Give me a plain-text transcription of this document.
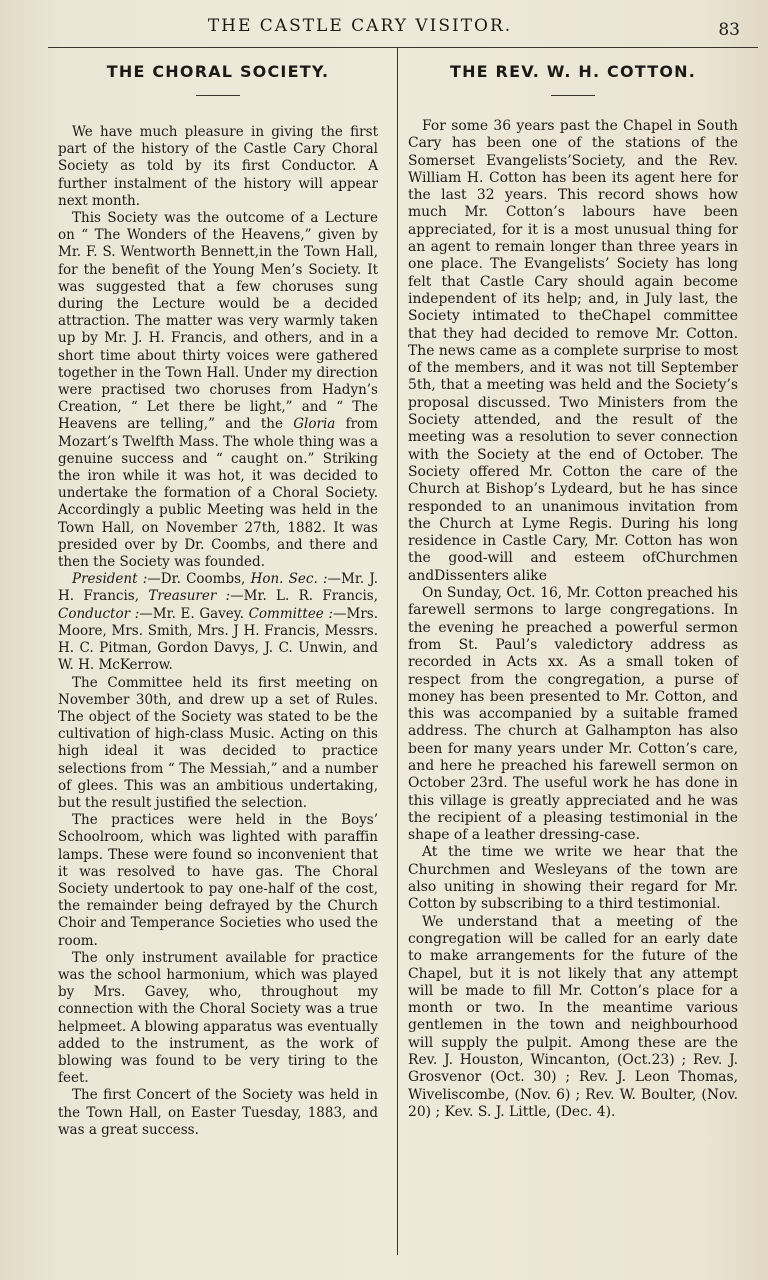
THE CASTLE CARY VISITOR.	83
THE CHORAL SOCIETY.

We have much pleasure in giving the first part of the history of the Castle Cary Choral Society as told by its first Conductor. A further instalment of the history will appear next month.

This Society was the outcome of a Lecture on “ The Wonders of the Heavens,” given by Mr. F. S. Wentworth Bennett,in the Town Hall, for the benefit of the Young Men’s Society. It was suggested that a few choruses sung during the Lecture would be a decided attraction. The matter was very warmly taken up by Mr. J. H. Francis, and others, and in a short time about thirty voices were gathered together in the Town Hall. Under my direction were practised two choruses from Hadyn’s Creation, “ Let there be light,” and “ The Heavens are telling,” and the Gloria from Mozart’s Twelfth Mass. The whole thing was a genuine success and “ caught on.” Striking the iron while it was hot, it was decided to undertake the formation of a Choral Society. Accordingly a public Meeting was held in the Town Hall, on November 27th, 1882. It was presided over by Dr. Coombs, and there and then the Society was founded.

President :—Dr. Coombs, Hon. Sec. :—Mr. J. H. Francis, Treasurer :—Mr. L. R. Francis, Conductor :—Mr. E. Gavey. Committee :—Mrs. Moore, Mrs. Smith, Mrs. J H. Francis, Messrs. H. C. Pitman, Gordon Davys, J. C. Unwin, and W. H. McKerrow.

The Committee held its first meeting on November 30th, and drew up a set of Rules. The object of the Society was stated to be the cultivation of high-class Music. Acting on this high ideal it was decided to practice selections from “ The Messiah,” and a number of glees. This was an ambitious undertaking, but the result justified the selection.

The practices were held in the Boys’ Schoolroom, which was lighted with paraffin lamps. These were found so inconvenient that it was resolved to have gas. The Choral Society undertook to pay one-half of the cost, the remainder being defrayed by the Church Choir and Temperance Societies who used the room.

The only instrument available for practice was the school harmonium, which was played by Mrs. Gavey, who, throughout my connection with the Choral Society was a true helpmeet. A blowing apparatus was eventually added to the instrument, as the work of blowing was found to be very tiring to the feet.

The first Concert of the Society was held in the Town Hall, on Easter Tuesday, 1883, and was a great success.

THE REV. W. H. COTTON.

For some 36 years past the Chapel in South Cary has been one of the stations of the Somerset Evangelists’Society, and the Rev. William H. Cotton has been its agent here for the last 32 years. This record shows how much Mr. Cotton’s labours have been appreciated, for it is a most unusual thing for an agent to remain longer than three years in one place. The Evangelists’ Society has long felt that Castle Cary should again become independent of its help; and, in July last, the Society intimated to theChapel committee that they had decided to remove Mr. Cotton. The news came as a complete surprise to most of the members, and it was not till September 5th, that a meeting was held and the Society’s proposal discussed. Two Ministers from the Society attended, and the result of the meeting was a resolution to sever connection with the Society at the end of October. The Society offered Mr. Cotton the care of the Church at Bishop’s Lydeard, but he has since responded to an unanimous invitation from the Church at Lyme Regis. During his long residence in Castle Cary, Mr. Cotton has won the good-will and esteem ofChurchmen andDissenters alike

On Sunday, Oct. 16, Mr. Cotton preached his farewell sermons to large congregations. In the evening he preached a powerful sermon from St. Paul’s valedictory address as recorded in Acts xx. As a small token of respect from the congregation, a purse of money has been presented to Mr. Cotton, and this was accompanied by a suitable framed address. The church at Galhampton has also been for many years under Mr. Cotton’s care, and here he preached his farewell sermon on October 23rd. The useful work he has done in this village is greatly appreciated and he was the recipient of a pleasing testimonial in the shape of a leather dressing-case.

At the time we write we hear that the Churchmen and Wesleyans of the town are also uniting in showing their regard for Mr. Cotton by subscribing to a third testimonial.

We understand that a meeting of the congregation will be called for an early date to make arrangements for the future of the Chapel, but it is not likely that any attempt will be made to fill Mr. Cotton’s place for a month or two. In the meantime various gentlemen in the town and neighbourhood will supply the pulpit. Among these are the Rev. J. Houston, Wincanton, (Oct.23) ; Rev. J. Grosvenor (Oct. 30) ; Rev. J. Leon Thomas, Wiveliscombe, (Nov. 6) ; Rev. W. Boulter, (Nov. 20) ; Kev. S. J. Little, (Dec. 4).
